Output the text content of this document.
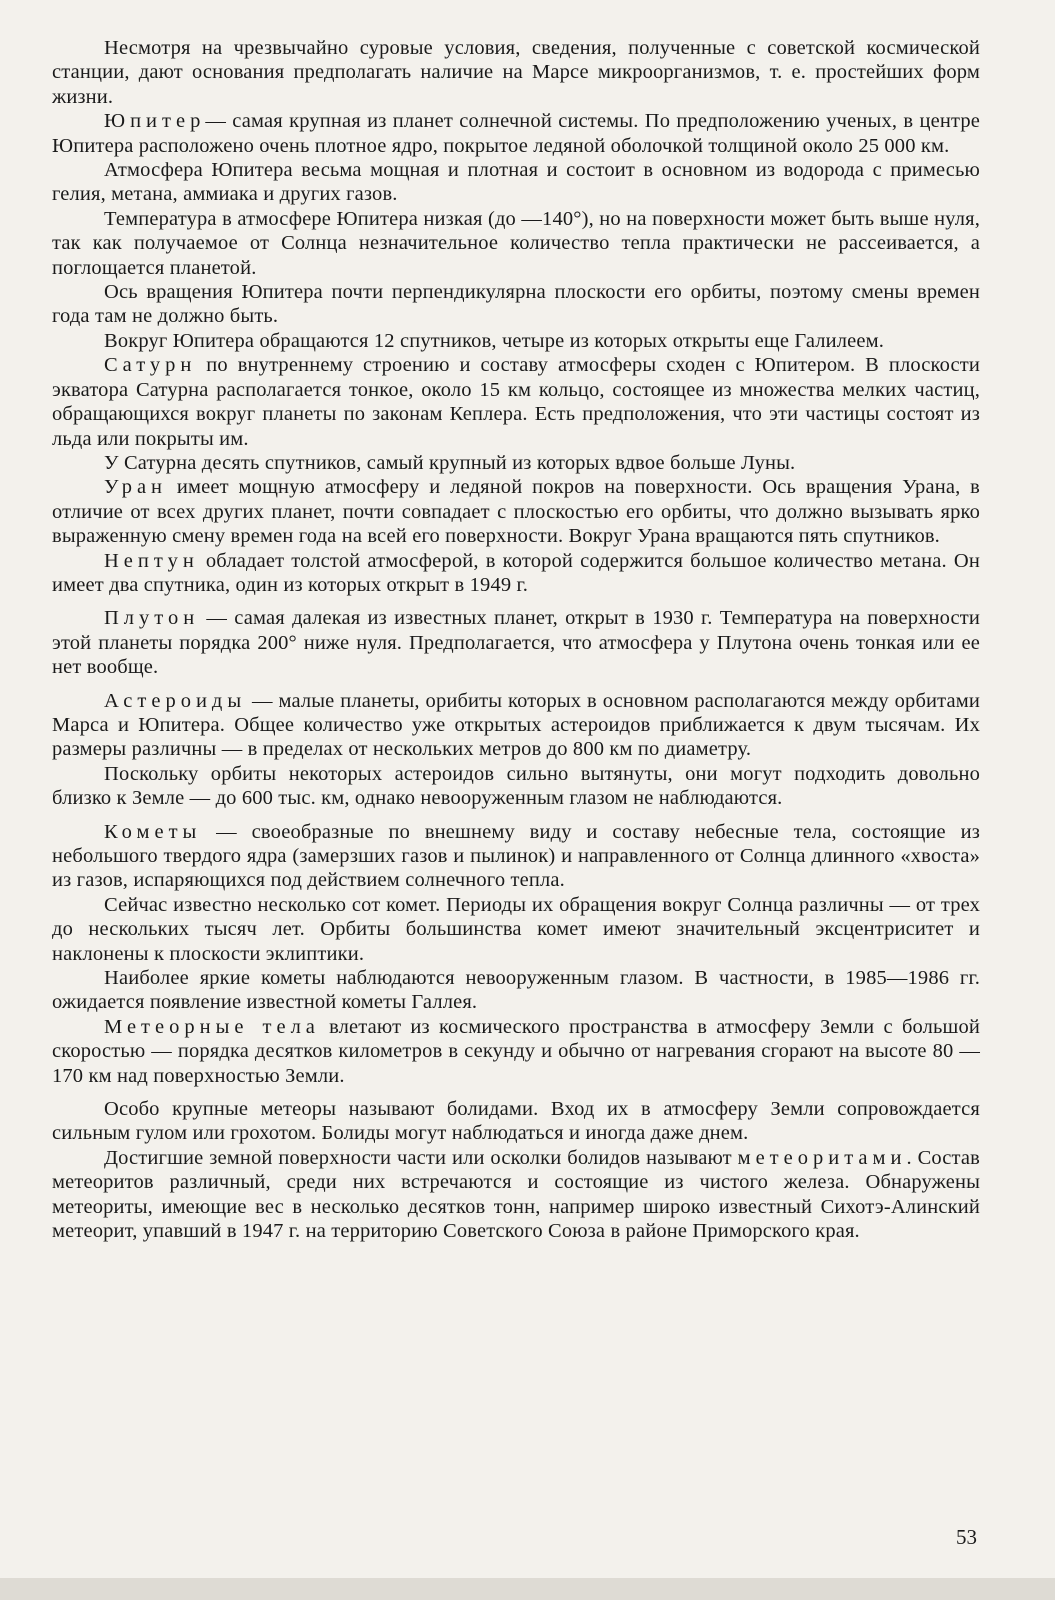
Несмотря на чрезвычайно суровые условия, сведения, полученные с советской космической станции, дают основания предполагать наличие на Марсе микроорганизмов, т. е. простейших форм жизни.

Юпитер— самая крупная из планет солнечной системы. По предположению ученых, в центре Юпитера расположено очень плотное ядро, покрытое ледяной оболочкой толщиной около 25 000 км.

Атмосфера Юпитера весьма мощная и плотная и состоит в основном из водорода с примесью гелия, метана, аммиака и других газов.

Температура в атмосфере Юпитера низкая (до —140°), но на поверхности может быть выше нуля, так как получаемое от Солнца незначительное количество тепла практически не рассеивается, а поглощается планетой.

Ось вращения Юпитера почти перпендикулярна плоскости его орбиты, поэтому смены времен года там не должно быть.

Вокруг Юпитера обращаются 12 спутников, четыре из которых открыты еще Галилеем.

Сатурн по внутреннему строению и составу атмосферы сходен с Юпитером. В плоскости экватора Сатурна располагается тонкое, около 15 км кольцо, состоящее из множества мелких частиц, обращающихся вокруг планеты по законам Кеплера. Есть предположения, что эти частицы состоят из льда или покрыты им.

У Сатурна десять спутников, самый крупный из которых вдвое больше Луны.

Уран имеет мощную атмосферу и ледяной покров на поверхности. Ось вращения Урана, в отличие от всех других планет, почти совпадает с плоскостью его орбиты, что должно вызывать ярко выраженную смену времен года на всей его поверхности. Вокруг Урана вращаются пять спутников.

Нептун обладает толстой атмосферой, в которой содержится большое количество метана. Он имеет два спутника, один из которых открыт в 1949 г.

Плутон — самая далекая из известных планет, открыт в 1930 г. Температура на поверхности этой планеты порядка 200° ниже нуля. Предполагается, что атмосфера у Плутона очень тонкая или ее нет вообще.

Астероиды — малые планеты, орибиты которых в основном располагаются между орбитами Марса и Юпитера. Общее количество уже открытых астероидов приближается к двум тысячам. Их размеры различны — в пределах от нескольких метров до 800 км по диаметру.

Поскольку орбиты некоторых астероидов сильно вытянуты, они могут подходить довольно близко к Земле — до 600 тыс. км, однако невооруженным глазом не наблюдаются.

Кометы — своеобразные по внешнему виду и составу небесные тела, состоящие из небольшого твердого ядра (замерзших газов и пылинок) и направленного от Солнца длинного «хвоста» из газов, испаряющихся под действием солнечного тепла.

Сейчас известно несколько сот комет. Периоды их обращения вокруг Солнца различны — от трех до нескольких тысяч лет. Орбиты большинства комет имеют значительный эксцентриситет и наклонены к плоскости эклиптики.

Наиболее яркие кометы наблюдаются невооруженным глазом. В частности, в 1985—1986 гг. ожидается появление известной кометы Галлея.

Метеорные тела влетают из космического пространства в атмосферу Земли с большой скоростью — порядка десятков километров в секунду и обычно от нагревания сгорают на высоте 80 — 170 км над поверхностью Земли.

Особо крупные метеоры называют болидами. Вход их в атмосферу Земли сопровождается сильным гулом или грохотом. Болиды могут наблюдаться и иногда даже днем.

Достигшие земной поверхности части или осколки болидов называют метеоритами. Состав метеоритов различный, среди них встречаются и состоящие из чистого железа. Обнаружены метеориты, имеющие вес в несколько десятков тонн, например широко известный Сихотэ-Алинский метеорит, упавший в 1947 г. на территорию Советского Союза в районе Приморского края.

53
